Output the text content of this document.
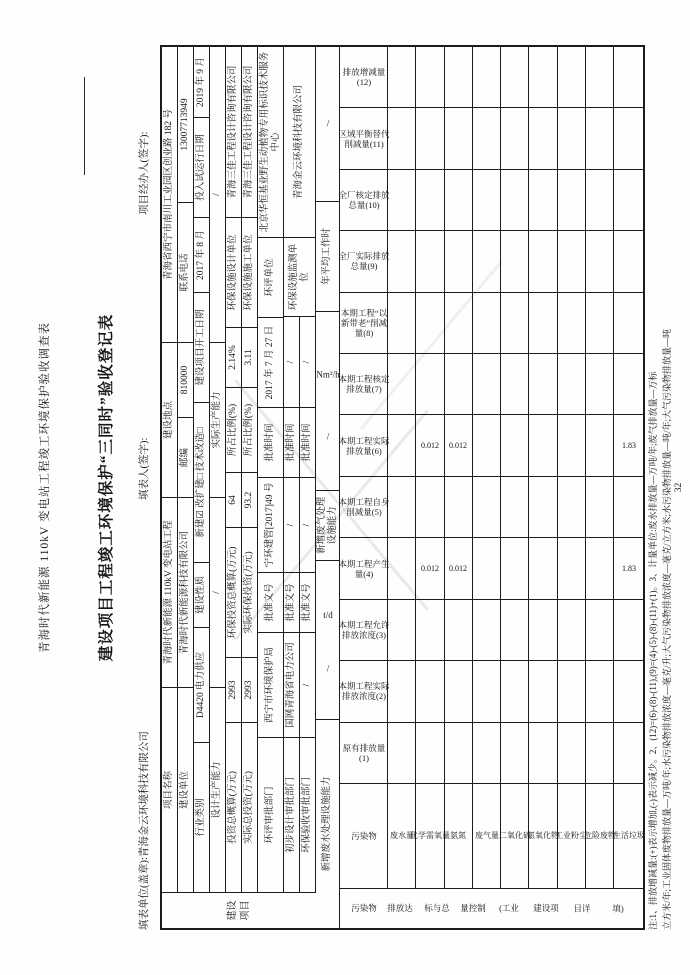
青海时代新能源 110kV 变电站工程竣工环境保护验收调查表	建设项目工程竣工环境保护“三同时”验收登记表
填表单位(盖章):青海金云环境科技有限公司
填表人(签字):
项目经办人(签字):
建设项目
项目名称
青海时代新能源 110kV 变电站工程
建设地点
青海省西宁市南川工业园区创业路 182 号
建设单位
青海时代新能源科技有限公司
邮编
810000
联系电话
13007713949
行业类别
D4420 电力供应
建设性质
新建☑ 改扩建□ 技术改造□
建设项目开工日期
2017 年 8 月
投入试运行日期
2019 年 9 月
设计生产能力
/
实际生产能力
/
投资总概算(万元)
2993
环保投资总概算(万元)
64
所占比例(%)
2.14%
环保设施设计单位
青海三佳工程设计咨询有限公司
实际总投资(万元)
2993
实际环保投资(万元)
93.2
所占比例(%)
3.11
环保设施施工单位
青海三佳工程设计咨询有限公司
环评审批部门
西宁市环境保护局
批准文号
宁环建管[2017]49 号
批准时间
2017 年 7 月 27 日
环评单位
北京华恒基业野生动植物专用标识技术服务中心
初步设计审批部门
国网青海省电力公司
批准文号
/
批准时间
/
环保验收审批部门
/
批准文号
/
批准时间
/
环保设施监测单位
青海金云环境科技有限公司
新增废水处理设施能力
/
t/d
新增废气处理设施能力
/
Nm³/h
年平均工作时
/
污染物 排放达 标与总 量控制 (工业 建设项 目详	填)
污染物
原有排放量(1)
本期工程实际排放浓度(2)
本期工程允许排放浓度(3)
本期工程产生量(4)
本期工程自身削减量(5)
本期工程实际排放量(6)
本期工程核定排放量(7)
本期工程“以新带老”削减量(8)
全厂实际排放总量(9)
全厂核定排放总量(10)
区域平衡替代削减量(11)
排放增减量(12)
废水量
化学需氧量
0.012
0.012
氨氮
0.012
0.012
废气量 二氧化硫
氮氧化物
工业粉尘
危险废物
生活垃圾
1.83
1.83 注:1、排放增减量:(+)表示增加,(-)表示减少。2、(12)=(6)-(8)-(11),(9)=(4)-(5)-(8)-(11)+(1)。3、计量单位:废水排放量—万吨/年;废气排放量—万标 立方米/年;工业固体废物排放量—万吨/年;水污染物排放浓度—毫克/升;大气污染物排放浓度—毫克/立方米;水污染物排放量—吨/年;大气污染物排放量—吨 32
